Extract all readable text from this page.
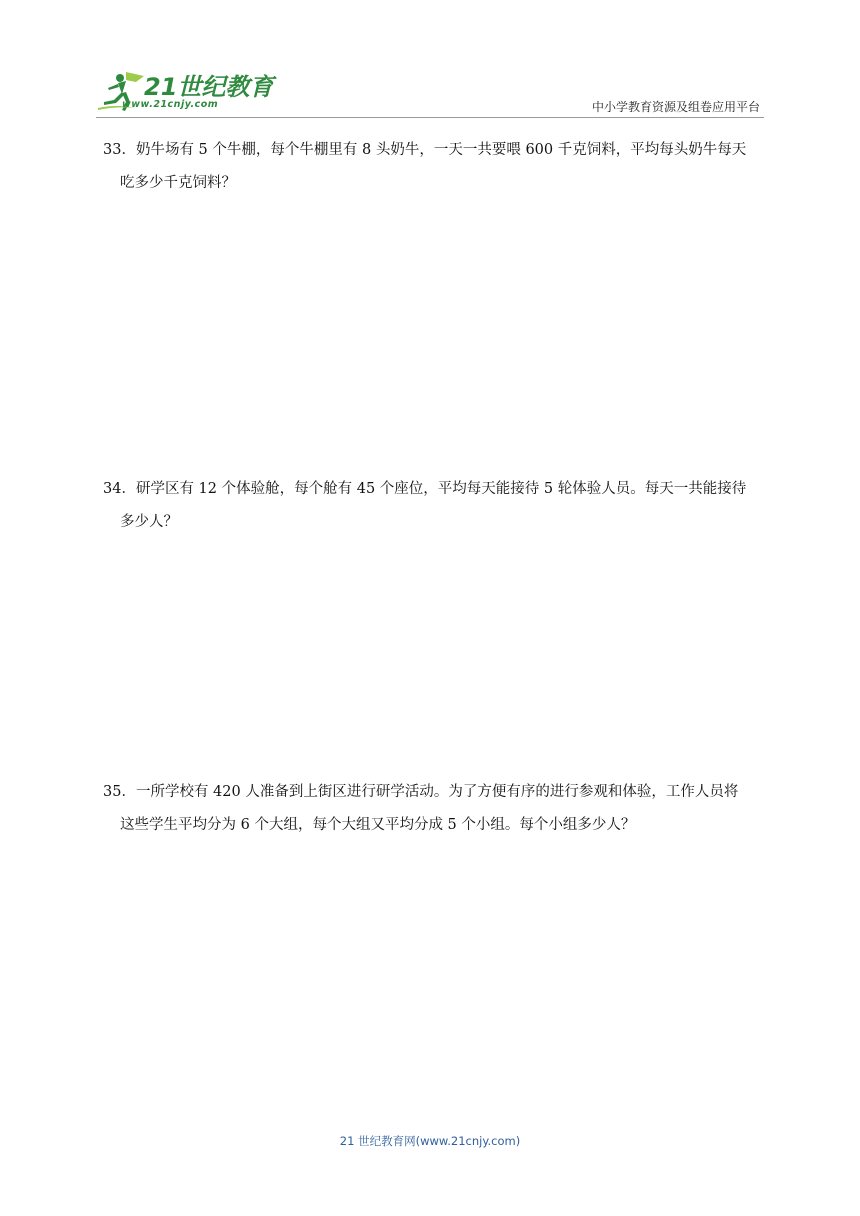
21世纪教育
www.21cnjy.com	中小学教育资源及组卷应用平台
33．奶牛场有 5 个牛棚，每个牛棚里有 8 头奶牛，一天一共要喂 600 千克饲料，平均每头奶牛每天
吃多少千克饲料？
34．研学区有 12 个体验舱，每个舱有 45 个座位，平均每天能接待 5 轮体验人员。每天一共能接待
多少人？
35．一所学校有 420 人准备到上街区进行研学活动。为了方便有序的进行参观和体验，工作人员将
这些学生平均分为 6 个大组，每个大组又平均分成 5 个小组。每个小组多少人？
21 世纪教育网(www.21cnjy.com)
